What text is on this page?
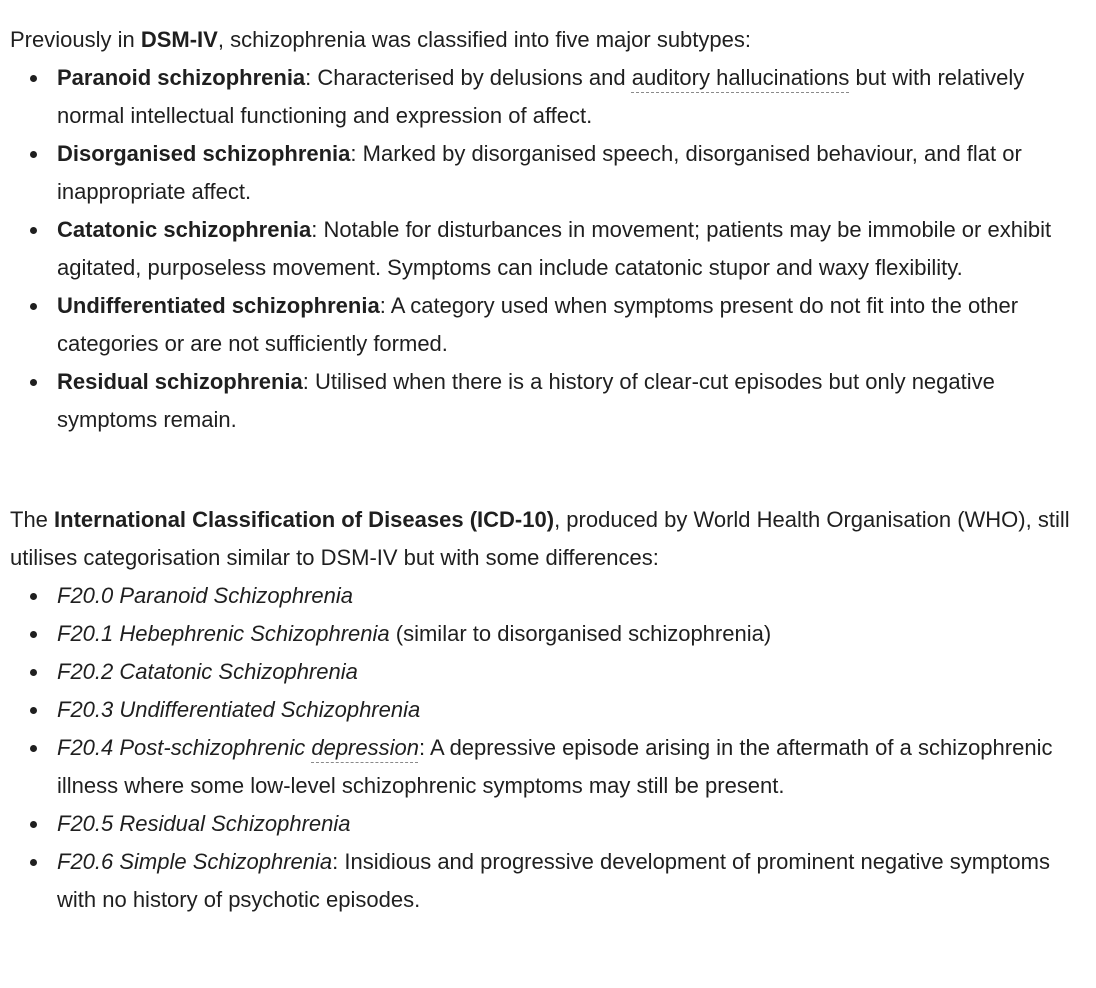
Previously in DSM-IV, schizophrenia was classified into five major subtypes:

Paranoid schizophrenia: Characterised by delusions and auditory hallucinations but with relatively normal intellectual functioning and expression of affect.
Disorganised schizophrenia: Marked by disorganised speech, disorganised behaviour, and flat or inappropriate affect.
Catatonic schizophrenia: Notable for disturbances in movement; patients may be immobile or exhibit agitated, purposeless movement. Symptoms can include catatonic stupor and waxy flexibility.
Undifferentiated schizophrenia: A category used when symptoms present do not fit into the other categories or are not sufficiently formed.
Residual schizophrenia: Utilised when there is a history of clear-cut episodes but only negative symptoms remain.

The International Classification of Diseases (ICD-10), produced by World Health Organisation (WHO), still utilises categorisation similar to DSM-IV but with some differences:

F20.0 Paranoid Schizophrenia
F20.1 Hebephrenic Schizophrenia (similar to disorganised schizophrenia)
F20.2 Catatonic Schizophrenia
F20.3 Undifferentiated Schizophrenia
F20.4 Post-schizophrenic depression: A depressive episode arising in the aftermath of a schizophrenic illness where some low-level schizophrenic symptoms may still be present.
F20.5 Residual Schizophrenia
F20.6 Simple Schizophrenia: Insidious and progressive development of prominent negative symptoms with no history of psychotic episodes.
